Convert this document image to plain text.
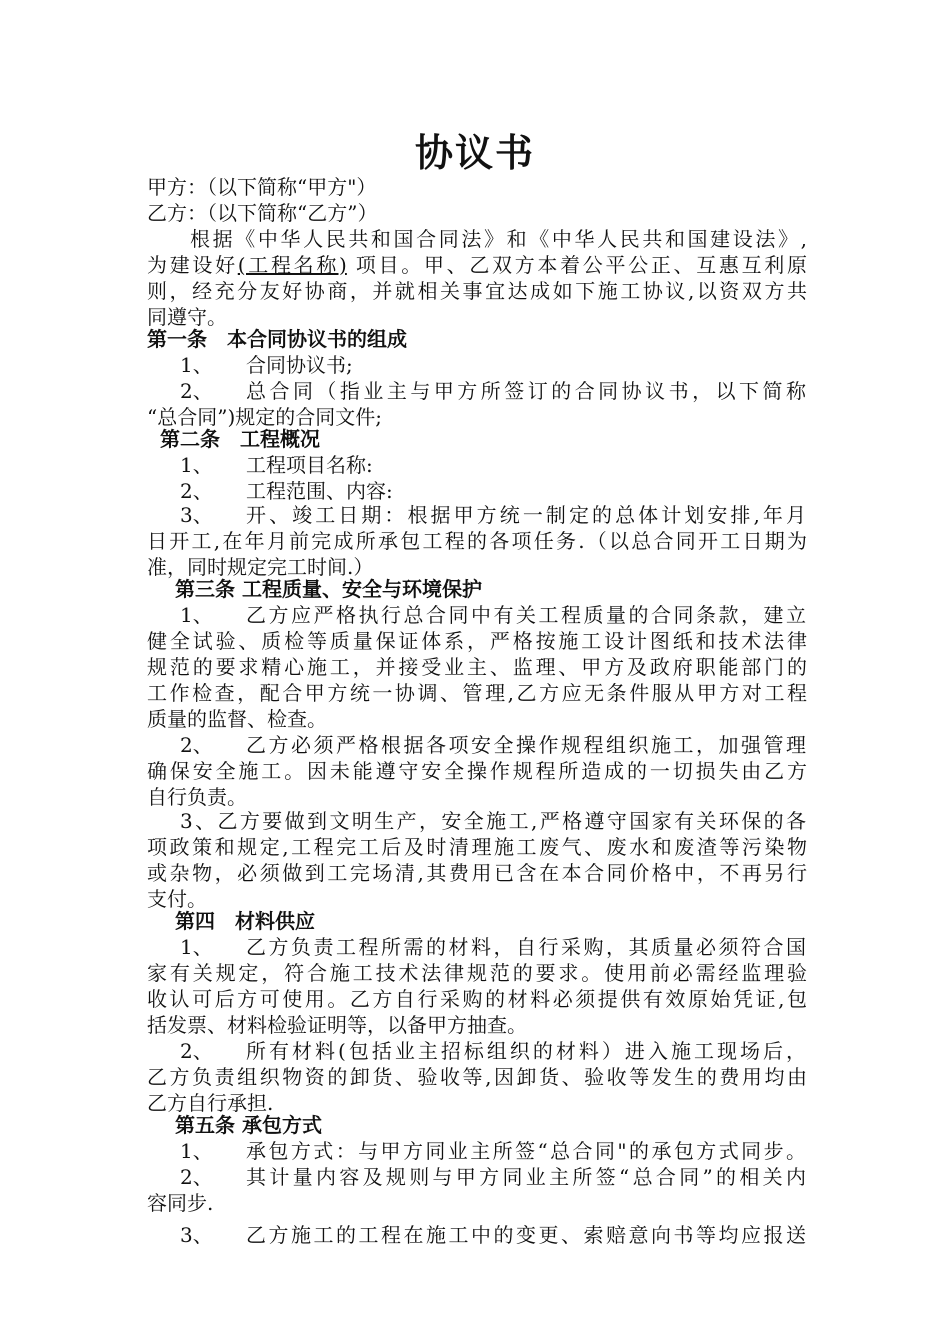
协议书
甲方：（以下简称“甲方"）
乙方：（以下简称“乙方”）
根据《中华人民共和国合同法》和《中华人民共和国建设法》,
为建设好(工程名称) 项目。甲、乙双方本着公平公正、互惠互利原
则，经充分友好协商，并就相关事宜达成如下施工协议,以资双方共
同遵守。
第一条　本合同协议书的组成
1、 合同协议书;
2、 总合同（指业主与甲方所签订的合同协议书，以下简称
“总合同”)规定的合同文件;
第二条　工程概况
1、 工程项目名称:
2、 工程范围、内容:
3、 开、竣工日期：根据甲方统一制定的总体计划安排,年月
日开工,在年月前完成所承包工程的各项任务.（以总合同开工日期为
准，同时规定完工时间.）
第三条 工程质量、安全与环境保护
1、 乙方应严格执行总合同中有关工程质量的合同条款，建立
健全试验、质检等质量保证体系，严格按施工设计图纸和技术法律
规范的要求精心施工，并接受业主、监理、甲方及政府职能部门的
工作检查，配合甲方统一协调、管理,乙方应无条件服从甲方对工程
质量的监督、检查。
2、 乙方必须严格根据各项安全操作规程组织施工，加强管理
确保安全施工。因未能遵守安全操作规程所造成的一切损失由乙方
自行负责。
3、乙方要做到文明生产，安全施工,严格遵守国家有关环保的各
项政策和规定,工程完工后及时清理施工废气、废水和废渣等污染物
或杂物，必须做到工完场清,其费用已含在本合同价格中，不再另行
支付。
第四　材料供应
1、 乙方负责工程所需的材料，自行采购，其质量必须符合国
家有关规定，符合施工技术法律规范的要求。使用前必需经监理验
收认可后方可使用。乙方自行采购的材料必须提供有效原始凭证,包
括发票、材料检验证明等，以备甲方抽查。
2、 所有材料(包括业主招标组织的材料）进入施工现场后，
乙方负责组织物资的卸货、验收等,因卸货、验收等发生的费用均由
乙方自行承担.
第五条 承包方式
1、 承包方式：与甲方同业主所签“总合同"的承包方式同步。
2、 其计量内容及规则与甲方同业主所签“总合同”的相关内
容同步.
3、 乙方施工的工程在施工中的变更、索赔意向书等均应报送
